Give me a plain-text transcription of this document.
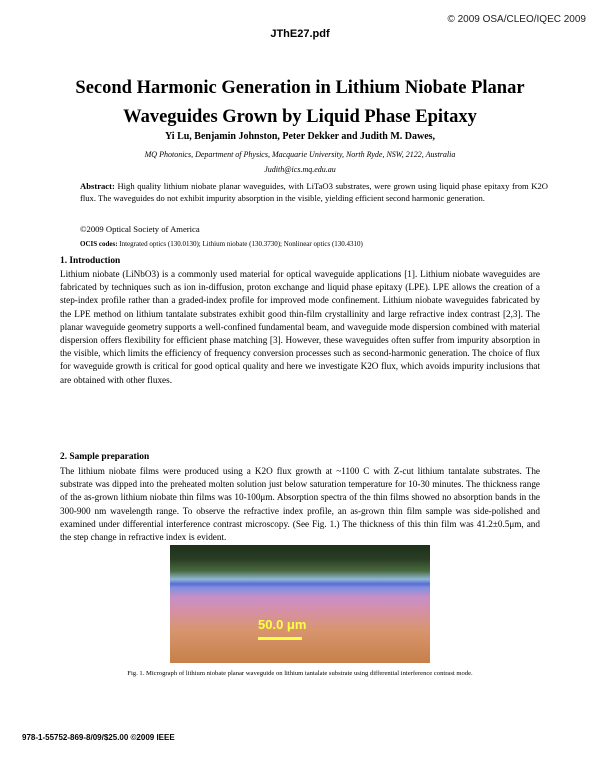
© 2009 OSA/CLEO/IQEC 2009
JThE27.pdf
Second Harmonic Generation in Lithium Niobate Planar
Waveguides Grown by Liquid Phase Epitaxy
Yi Lu, Benjamin Johnston, Peter Dekker and Judith M. Dawes,
MQ Photonics, Department of Physics, Macquarie University, North Ryde, NSW, 2122, Australia
Judith@ics.mq.edu.au
Abstract: High quality lithium niobate planar waveguides, with LiTaO3 substrates, were grown using liquid phase epitaxy from K2O flux. The waveguides do not exhibit impurity absorption in the visible, yielding efficient second harmonic generation.
©2009 Optical Society of America
OCIS codes: Integrated optics (130.0130); Lithium niobate (130.3730); Nonlinear optics (130.4310)
1. Introduction
Lithium niobate (LiNbO3) is a commonly used material for optical waveguide applications [1]. Lithium niobate waveguides are fabricated by techniques such as ion in-diffusion, proton exchange and liquid phase epitaxy (LPE). LPE allows the creation of a step-index profile rather than a graded-index profile for improved mode confinement. Lithium niobate waveguides fabricated by the LPE method on lithium tantalate substrates exhibit good thin-film crystallinity and large refractive index contrast [2,3]. The planar waveguide geometry supports a well-confined fundamental beam, and waveguide mode dispersion combined with material dispersion offers flexibility for efficient phase matching [3]. However, these waveguides often suffer from impurity absorption in the visible, which limits the efficiency of frequency conversion processes such as second-harmonic generation. The choice of flux for waveguide growth is critical for good optical quality and here we investigate K2O flux, which avoids impurity inclusions that are obtained with other fluxes.
2. Sample preparation
The lithium niobate films were produced using a K2O flux growth at ~1100 C with Z-cut lithium tantalate substrates. The substrate was dipped into the preheated molten solution just below saturation temperature for 10-30 minutes. The thickness range of the as-grown lithium niobate thin films was 10-100μm. Absorption spectra of the thin films showed no absorption bands in the 300-900 nm wavelength range. To observe the refractive index profile, an as-grown thin film sample was side-polished and examined under differential interference contrast microscopy. (See Fig. 1.) The thickness of this thin film was 41.2±0.5μm, and the step change in refractive index is evident.
50.0 μm
Fig. 1. Micrograph of lithium niobate planar waveguide on lithium tantalate substrate using differential interference contrast mode.
978-1-55752-869-8/09/$25.00 ©2009 IEEE
